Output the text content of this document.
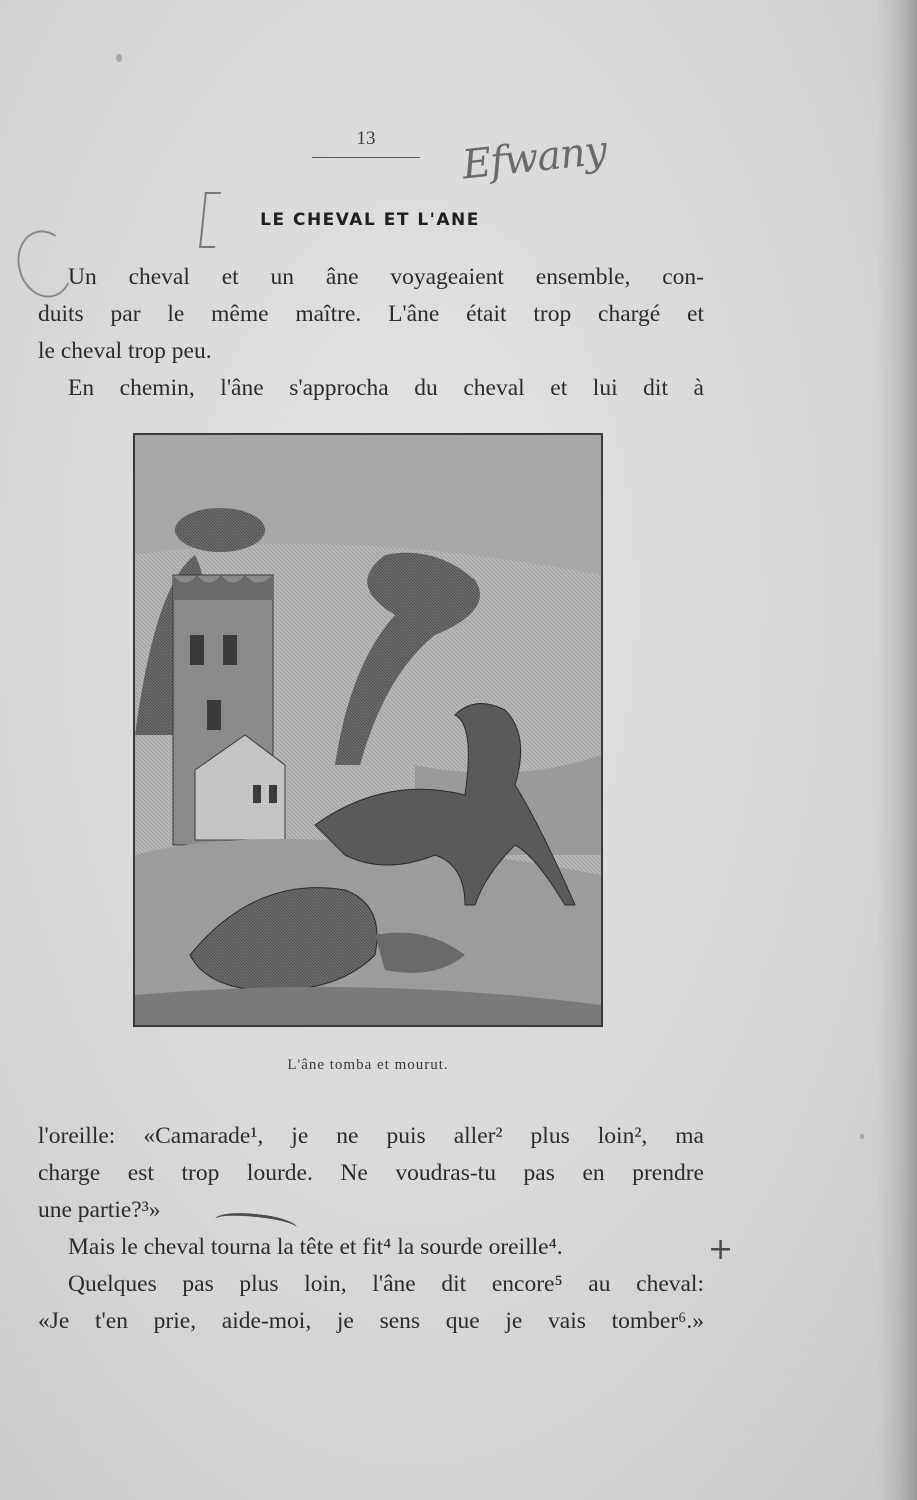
13	Efwany
LE CHEVAL ET L'ANE
Un cheval et un âne voyageaient ensemble, con-
duits par le même maître. L'âne était trop chargé et
le cheval trop peu.
En chemin, l'âne s'approcha du cheval et lui dit à
L'âne tomba et mourut.
l'oreille: «Camarade¹, je ne puis aller² plus loin², ma
charge est trop lourde. Ne voudras-tu pas en prendre
une partie?³»
Mais le cheval tourna la tête et fit⁴ la sourde oreille⁴.	+
Quelques pas plus loin, l'âne dit encore⁵ au cheval:
«Je t'en prie, aide-moi, je sens que je vais tomber⁶.»
